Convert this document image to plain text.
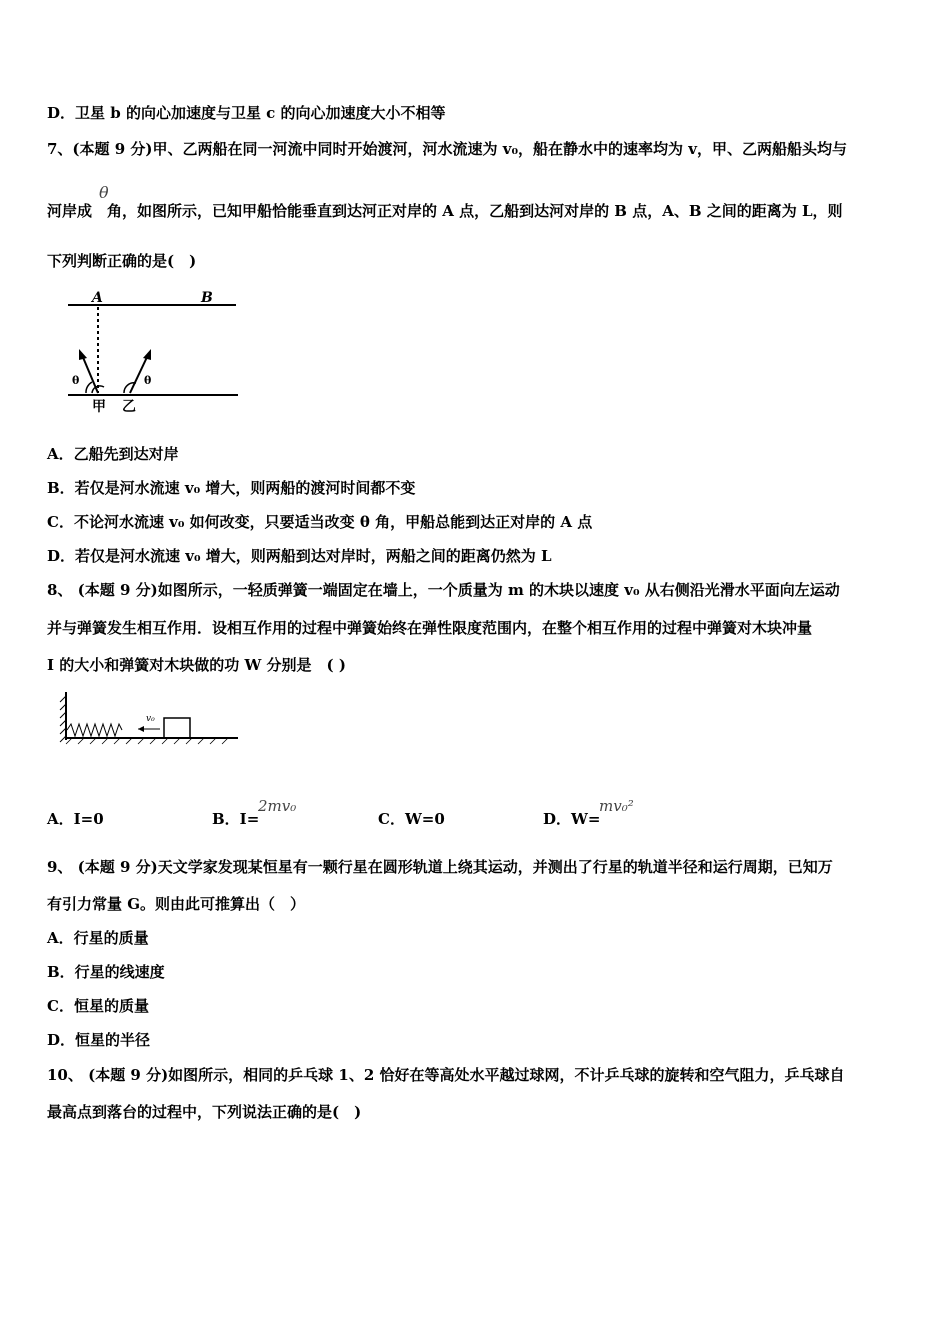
D．卫星 b 的向心加速度与卫星 c 的向心加速度大小不相等
7、(本题 9 分)甲、乙两船在同一河流中同时开始渡河，河水流速为 v₀，船在静水中的速率均为 v，甲、乙两船船头均与
θ
河岸成　角，如图所示，已知甲船恰能垂直到达河正对岸的 A 点，乙船到达河对岸的 B 点，A、B 之间的距离为 L，则
下列判断正确的是(　)
A	B
θ	θ
甲 乙
A．乙船先到达对岸
B．若仅是河水流速 v₀ 增大，则两船的渡河时间都不变
C．不论河水流速 v₀ 如何改变，只要适当改变 θ 角，甲船总能到达正对岸的 A 点
D．若仅是河水流速 v₀ 增大，则两船到达对岸时，两船之间的距离仍然为 L
8、 (本题 9 分)如图所示，一轻质弹簧一端固定在墙上，一个质量为 m 的木块以速度 v₀ 从右侧沿光滑水平面向左运动
并与弹簧发生相互作用．设相互作用的过程中弹簧始终在弹性限度范围内，在整个相互作用的过程中弹簧对木块冲量
I 的大小和弹簧对木块做的功 W 分别是　( )
v₀
A．I=0	B．I=
2mv₀
C．W=0	D．W=
mv₀²
9、 (本题 9 分)天文学家发现某恒星有一颗行星在圆形轨道上绕其运动，并测出了行星的轨道半径和运行周期，已知万
有引力常量 G。则由此可推算出（　）
A．行星的质量
B．行星的线速度
C．恒星的质量
D．恒星的半径
10、 (本题 9 分)如图所示，相同的乒乓球 1、2 恰好在等高处水平越过球网，不计乒乓球的旋转和空气阻力，乒乓球自
最高点到落台的过程中，下列说法正确的是(　)
